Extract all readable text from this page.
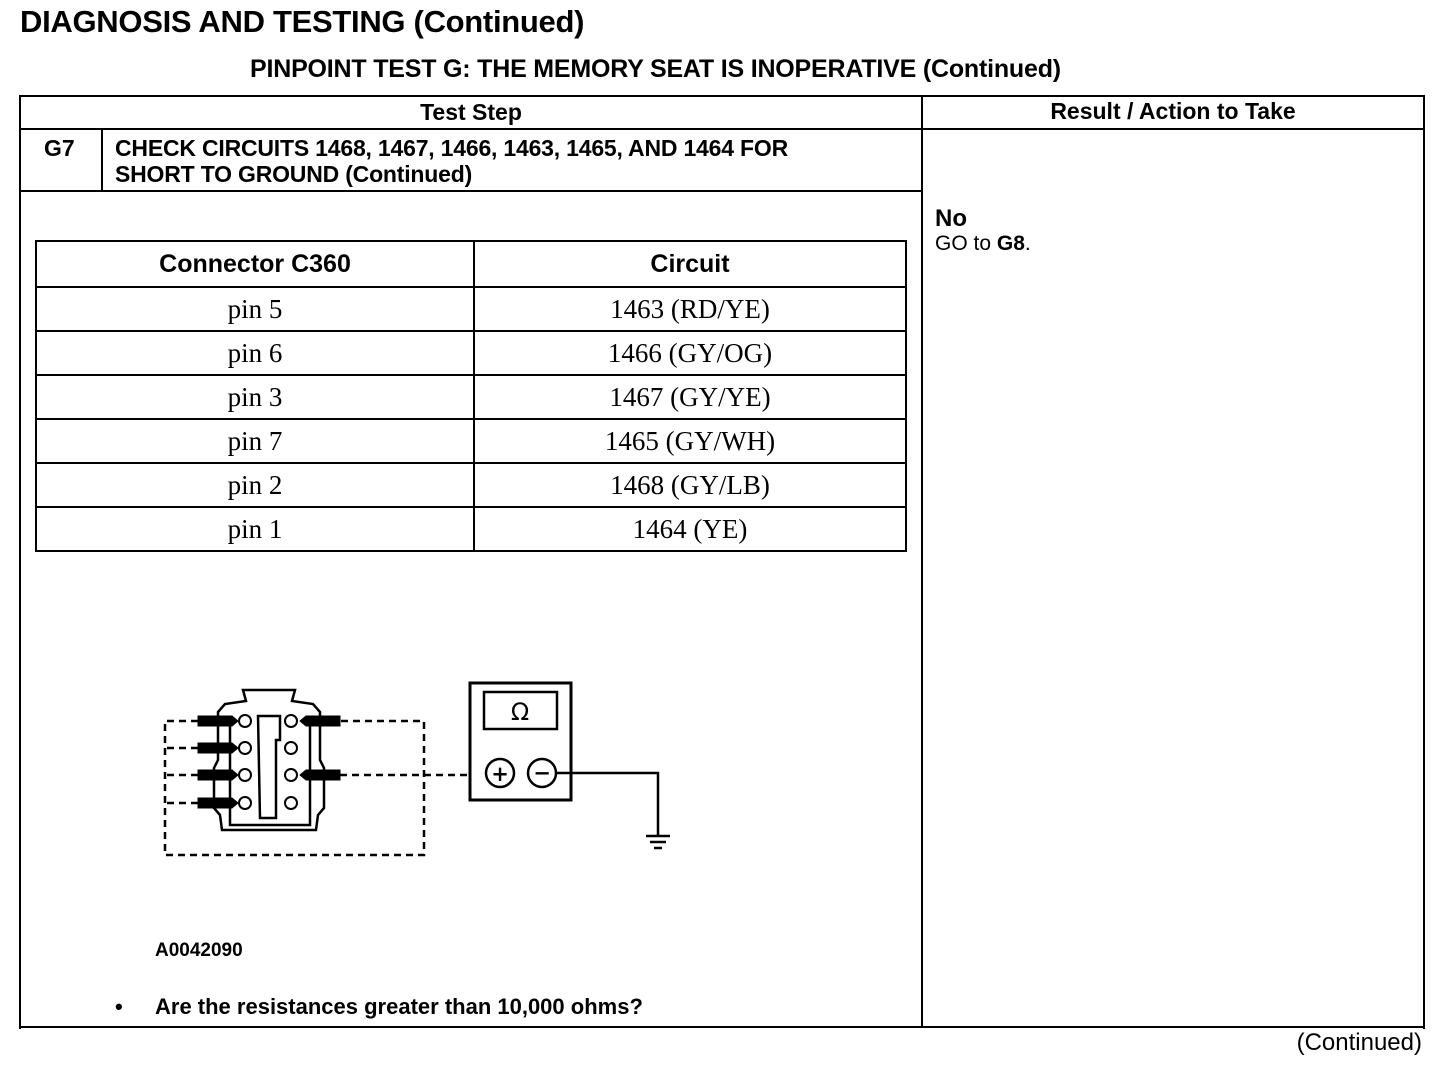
DIAGNOSIS AND TESTING (Continued)
PINPOINT TEST G: THE MEMORY SEAT IS INOPERATIVE (Continued)
Test Step	Result / Action to Take
G7 CHECK CIRCUITS 1468, 1467, 1466, 1463, 1465, AND 1464 FOR
SHORT TO GROUND (Continued)
No
GO to G8.
Connector C360	Circuit
pin 5	1463 (RD/YE)
pin 6	1466 (GY/OG)
pin 3	1467 (GY/YE)
pin 7	1465 (GY/WH)
pin 2	1468 (GY/LB)
pin 1	1464 (YE)
Ω
+ −
A0042090
• Are the resistances greater than 10,000 ohms?
(Continued)
